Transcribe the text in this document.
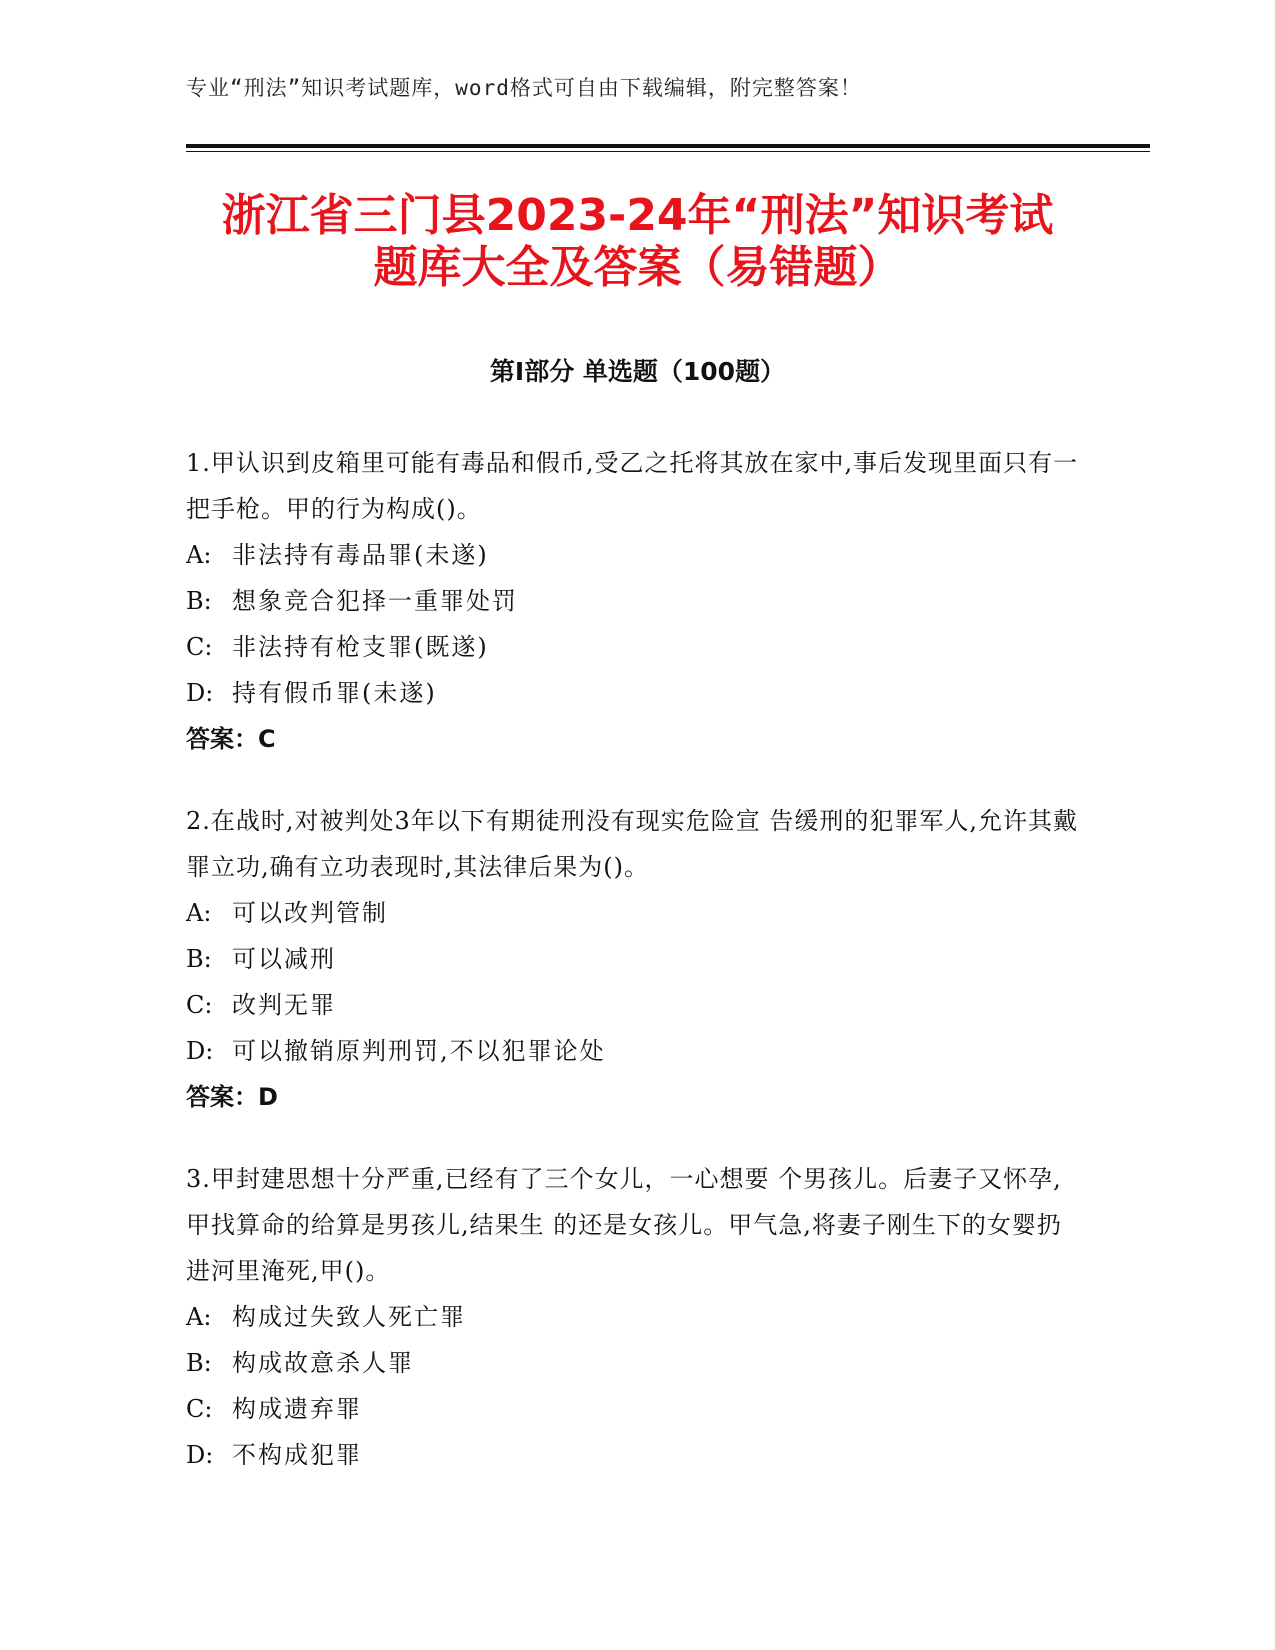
专业“刑法”知识考试题库，word格式可自由下载编辑，附完整答案！
浙江省三门县2023-24年“刑法”知识考试
题库大全及答案（易错题）
第Ⅰ部分 单选题（100题）
1.甲认识到皮箱里可能有毒品和假币,受乙之托将其放在家中,事后发现里面只有一把手枪。甲的行为构成()。
A: 非法持有毒品罪(未遂)
B: 想象竞合犯择一重罪处罚
C: 非法持有枪支罪(既遂)
D: 持有假币罪(未遂)
答案：C
2.在战时,对被判处3年以下有期徒刑没有现实危险宣 告缓刑的犯罪军人,允许其戴罪立功,确有立功表现时,其法律后果为()。
A: 可以改判管制
B: 可以减刑
C: 改判无罪
D: 可以撤销原判刑罚,不以犯罪论处
答案：D
3.甲封建思想十分严重,已经有了三个女儿，一心想要 个男孩儿。后妻子又怀孕,甲找算命的给算是男孩儿,结果生 的还是女孩儿。甲气急,将妻子刚生下的女婴扔进河里淹死,甲()。
A: 构成过失致人死亡罪
B: 构成故意杀人罪
C: 构成遗弃罪
D: 不构成犯罪
